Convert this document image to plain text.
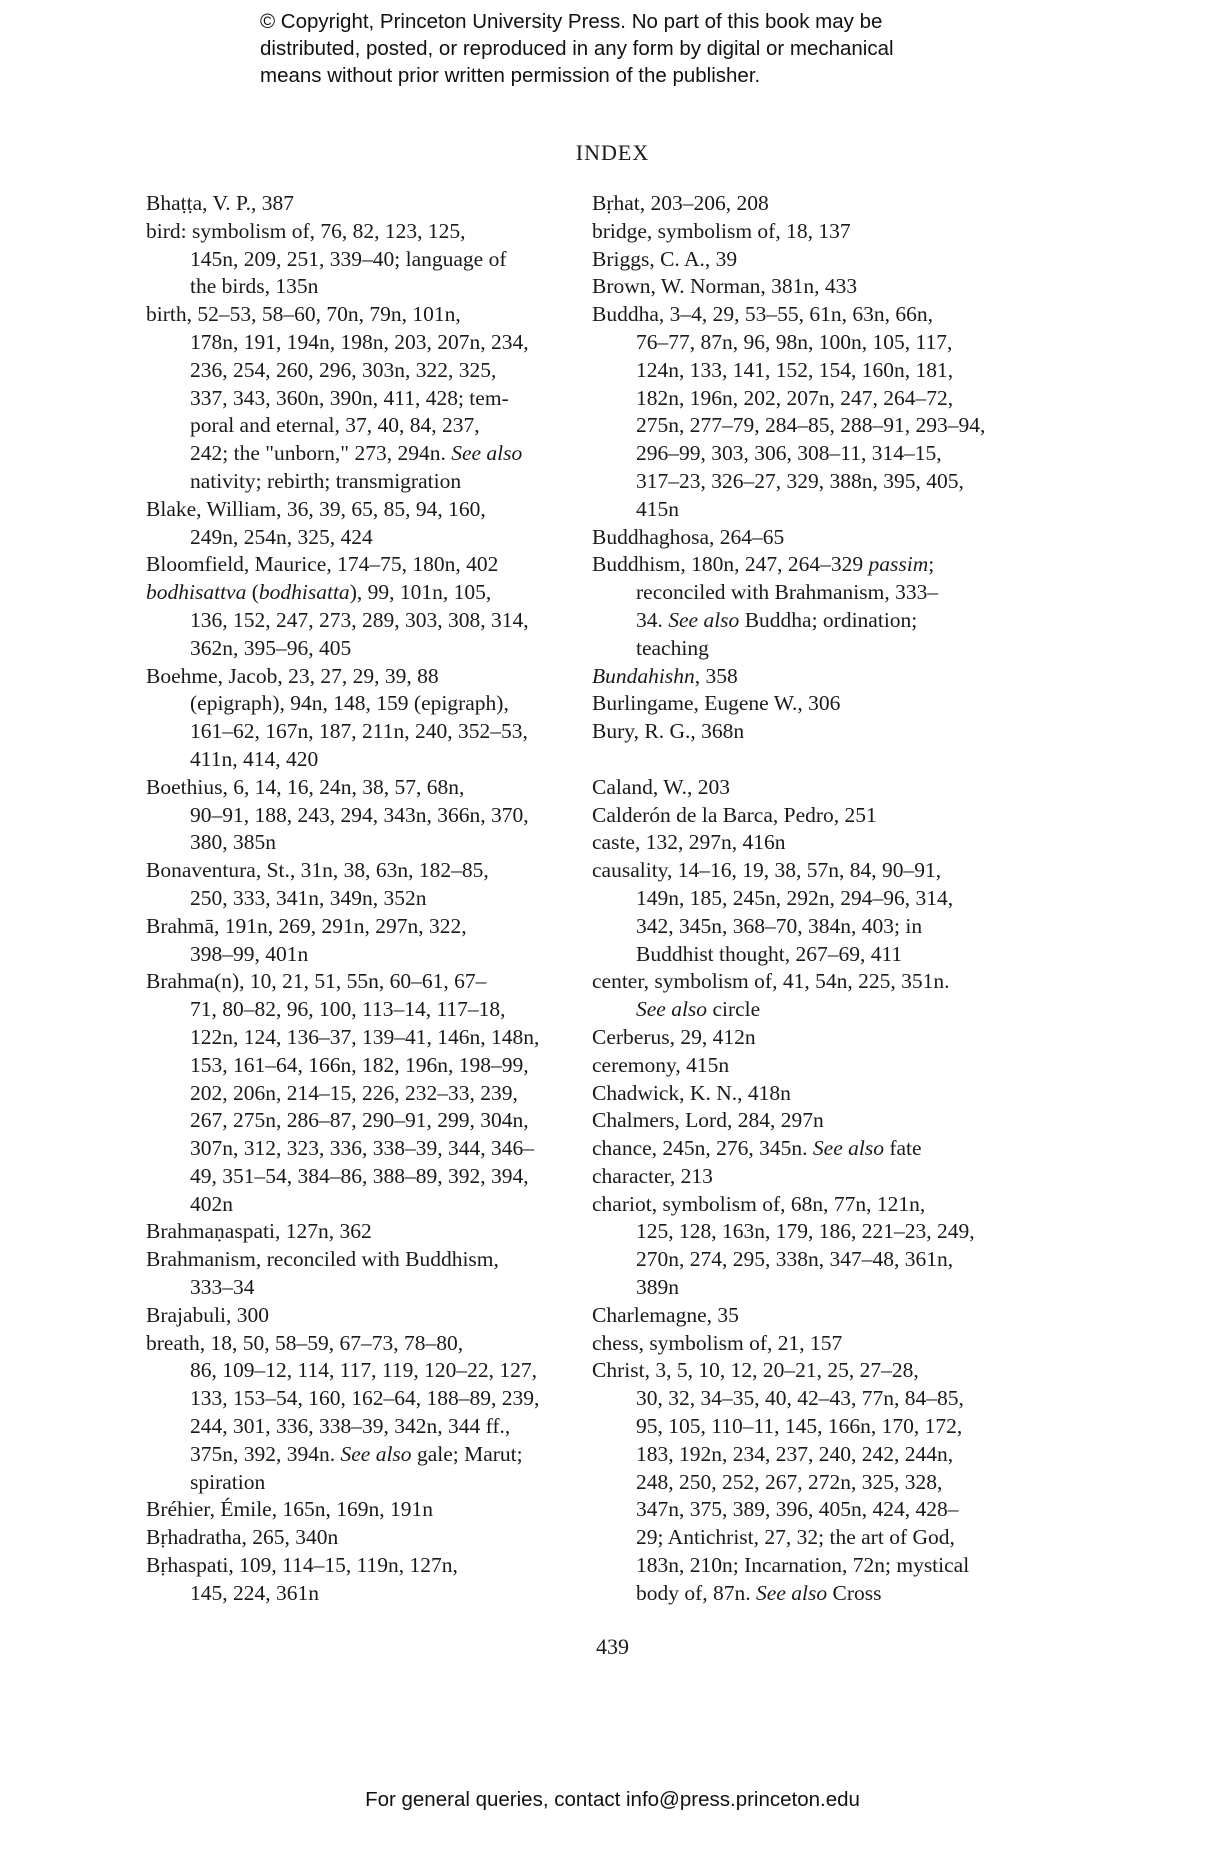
© Copyright, Princeton University Press. No part of this book may be
distributed, posted, or reproduced in any form by digital or mechanical
means without prior written permission of the publisher.
INDEX
Bhaṭṭa, V. P., 387
bird: symbolism of, 76, 82, 123, 125,
145n, 209, 251, 339–40; language of
the birds, 135n
birth, 52–53, 58–60, 70n, 79n, 101n,
178n, 191, 194n, 198n, 203, 207n, 234,
236, 254, 260, 296, 303n, 322, 325,
337, 343, 360n, 390n, 411, 428; tem-
poral and eternal, 37, 40, 84, 237,
242; the "unborn," 273, 294n. See also
nativity; rebirth; transmigration
Blake, William, 36, 39, 65, 85, 94, 160,
249n, 254n, 325, 424
Bloomfield, Maurice, 174–75, 180n, 402
bodhisattva (bodhisatta), 99, 101n, 105,
136, 152, 247, 273, 289, 303, 308, 314,
362n, 395–96, 405
Boehme, Jacob, 23, 27, 29, 39, 88
(epigraph), 94n, 148, 159 (epigraph),
161–62, 167n, 187, 211n, 240, 352–53,
411n, 414, 420
Boethius, 6, 14, 16, 24n, 38, 57, 68n,
90–91, 188, 243, 294, 343n, 366n, 370,
380, 385n
Bonaventura, St., 31n, 38, 63n, 182–85,
250, 333, 341n, 349n, 352n
Brahmā, 191n, 269, 291n, 297n, 322,
398–99, 401n
Brahma(n), 10, 21, 51, 55n, 60–61, 67–
71, 80–82, 96, 100, 113–14, 117–18,
122n, 124, 136–37, 139–41, 146n, 148n,
153, 161–64, 166n, 182, 196n, 198–99,
202, 206n, 214–15, 226, 232–33, 239,
267, 275n, 286–87, 290–91, 299, 304n,
307n, 312, 323, 336, 338–39, 344, 346–
49, 351–54, 384–86, 388–89, 392, 394,
402n
Brahmaṇaspati, 127n, 362
Brahmanism, reconciled with Buddhism,
333–34
Brajabuli, 300
breath, 18, 50, 58–59, 67–73, 78–80,
86, 109–12, 114, 117, 119, 120–22, 127,
133, 153–54, 160, 162–64, 188–89, 239,
244, 301, 336, 338–39, 342n, 344 ff.,
375n, 392, 394n. See also gale; Marut;
spiration
Bréhier, Émile, 165n, 169n, 191n
Bṛhadratha, 265, 340n
Bṛhaspati, 109, 114–15, 119n, 127n,
145, 224, 361n
Bṛhat, 203–206, 208
bridge, symbolism of, 18, 137
Briggs, C. A., 39
Brown, W. Norman, 381n, 433
Buddha, 3–4, 29, 53–55, 61n, 63n, 66n,
76–77, 87n, 96, 98n, 100n, 105, 117,
124n, 133, 141, 152, 154, 160n, 181,
182n, 196n, 202, 207n, 247, 264–72,
275n, 277–79, 284–85, 288–91, 293–94,
296–99, 303, 306, 308–11, 314–15,
317–23, 326–27, 329, 388n, 395, 405,
415n
Buddhaghosa, 264–65
Buddhism, 180n, 247, 264–329 passim;
reconciled with Brahmanism, 333–
34. See also Buddha; ordination;
teaching
Bundahishn, 358
Burlingame, Eugene W., 306
Bury, R. G., 368n
Caland, W., 203
Calderón de la Barca, Pedro, 251
caste, 132, 297n, 416n
causality, 14–16, 19, 38, 57n, 84, 90–91,
149n, 185, 245n, 292n, 294–96, 314,
342, 345n, 368–70, 384n, 403; in
Buddhist thought, 267–69, 411
center, symbolism of, 41, 54n, 225, 351n.
See also circle
Cerberus, 29, 412n
ceremony, 415n
Chadwick, K. N., 418n
Chalmers, Lord, 284, 297n
chance, 245n, 276, 345n. See also fate
character, 213
chariot, symbolism of, 68n, 77n, 121n,
125, 128, 163n, 179, 186, 221–23, 249,
270n, 274, 295, 338n, 347–48, 361n,
389n
Charlemagne, 35
chess, symbolism of, 21, 157
Christ, 3, 5, 10, 12, 20–21, 25, 27–28,
30, 32, 34–35, 40, 42–43, 77n, 84–85,
95, 105, 110–11, 145, 166n, 170, 172,
183, 192n, 234, 237, 240, 242, 244n,
248, 250, 252, 267, 272n, 325, 328,
347n, 375, 389, 396, 405n, 424, 428–
29; Antichrist, 27, 32; the art of God,
183n, 210n; Incarnation, 72n; mystical
body of, 87n. See also Cross
439
For general queries, contact info@press.princeton.edu
